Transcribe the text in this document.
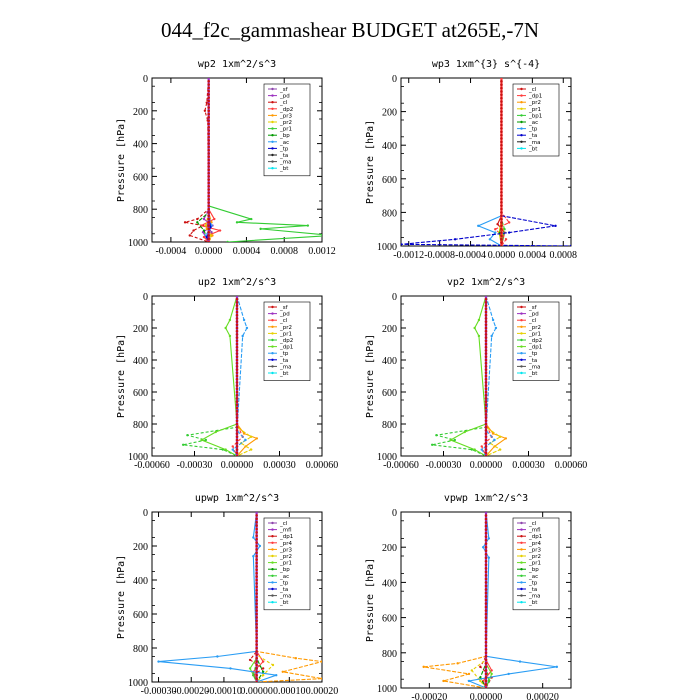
044_f2c_gammashear BUDGET at265E,-7N
wp2 1xm^2/s^3
0
200
400
600
800
1000
-0.0004 0.0000 0.0004 0.0008 0.0012
Pressure [hPa]
_sf
_pd
_cl
_dp2
_pr3
_pr2
_pr1
_bp
_ac
_tp
_ta
_ma
_bt
wp3 1xm^{3} s^{-4}
0
200
400
600
800
1000
-0.0012 -0.0008 -0.0004 0.0000 0.0004 0.0008
Pressure [hPa]
_cl
_dp1
_pr2
_pr1
_bp1
_ac
_tp
_ta
_ma
_bt
up2 1xm^2/s^3
0
200
400
600
800
1000
-0.00060 -0.00030 0.00000 0.00030 0.00060
Pressure [hPa]
_sf
_pd
_cl
_pr2
_pr1
_dp2
_dp1
_tp
_ta
_ma
_bt
vp2 1xm^2/s^3
0
200
400
600
800
1000
-0.00060 -0.00030 0.00000 0.00030 0.00060
Pressure [hPa]
_sf
_pd
_cl
_pr2
_pr1
_dp2
_dp1
_tp
_ta
_ma
_bt
upwp 1xm^2/s^3
0
200
400
600
800
1000
-0.00030
-0.00020
-0.00010
0.00000 0.00010 0.00020
Pressure [hPa]
_cl
_mfl
_dp1
_pr4
_pr3
_pr2
_pr1
_bp
_ac
_tp
_ta
_ma
_bt
vpwp 1xm^2/s^3
0
200
400
600
800
1000
-0.00020 0.00000 0.00020
Pressure [hPa]
_cl
_mfl
_dp1
_pr4
_pr3
_pr2
_pr1
_bp
_ac
_tp
_ta
_ma
_bt
